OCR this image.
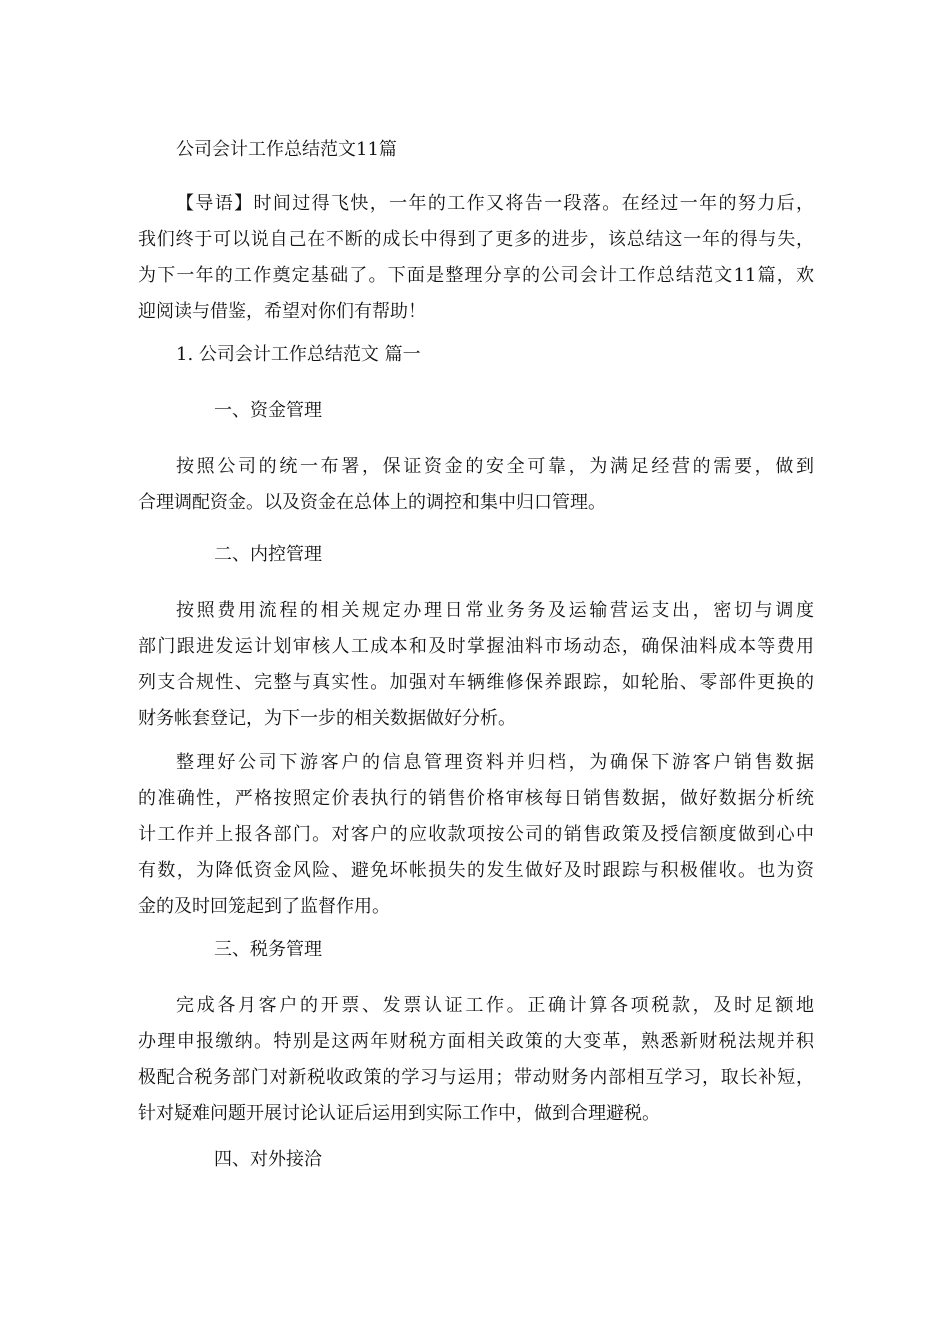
公司会计工作总结范文11篇
【导语】时间过得飞快，一年的工作又将告一段落。在经过一年的努力后，
我们终于可以说自己在不断的成长中得到了更多的进步，该总结这一年的得与失，
为下一年的工作奠定基础了。下面是整理分享的公司会计工作总结范文11篇，欢
迎阅读与借鉴，希望对你们有帮助！
1. 公司会计工作总结范文 篇一
一、资金管理
按照公司的统一布署，保证资金的安全可靠，为满足经营的需要，做到
合理调配资金。以及资金在总体上的调控和集中归口管理。
二、内控管理
按照费用流程的相关规定办理日常业务务及运输营运支出，密切与调度
部门跟进发运计划审核人工成本和及时掌握油料市场动态，确保油料成本等费用
列支合规性、完整与真实性。加强对车辆维修保养跟踪，如轮胎、零部件更换的
财务帐套登记，为下一步的相关数据做好分析。
整理好公司下游客户的信息管理资料并归档，为确保下游客户销售数据
的准确性，严格按照定价表执行的销售价格审核每日销售数据，做好数据分析统
计工作并上报各部门。对客户的应收款项按公司的销售政策及授信额度做到心中
有数，为降低资金风险、避免坏帐损失的发生做好及时跟踪与积极催收。也为资
金的及时回笼起到了监督作用。
三、税务管理
完成各月客户的开票、发票认证工作。正确计算各项税款，及时足额地
办理申报缴纳。特别是这两年财税方面相关政策的大变革，熟悉新财税法规并积
极配合税务部门对新税收政策的学习与运用；带动财务内部相互学习，取长补短，
针对疑难问题开展讨论认证后运用到实际工作中，做到合理避税。
四、对外接洽
